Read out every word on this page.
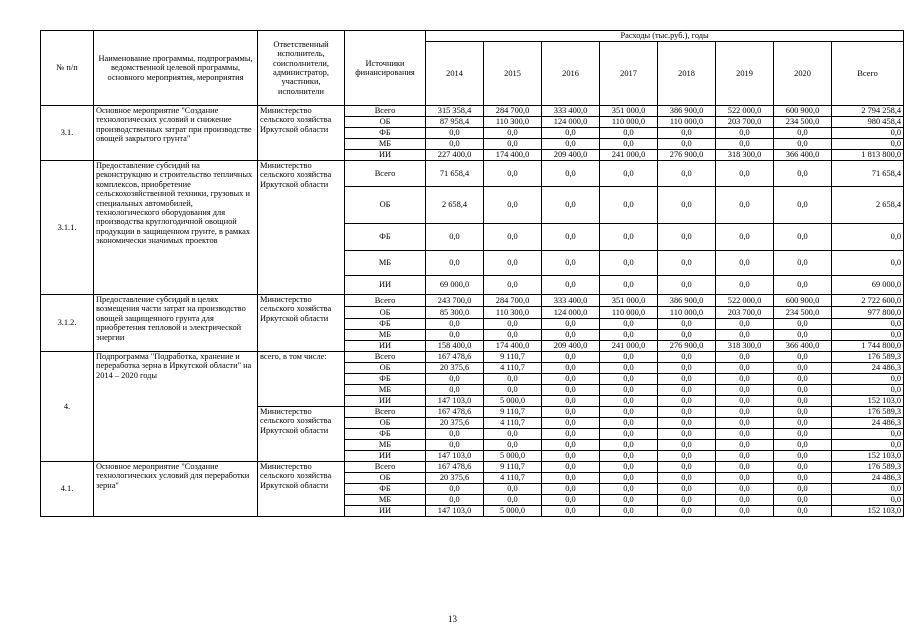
№ п/п	Наименование программы, подпрограммы, ведомственной целевой программы, основного мероприятия, мероприятия	Ответственный исполнитель, соисполнители, администратор, участники, исполнители	Источники финансирования	Расходы (тыс.руб.), годы							
				2014	2015	2016	2017	2018	2019	2020	Всего
3.1.	Основное мероприятие "Создание технологических условий и снижение производственных затрат при производстве овощей закрытого грунта"	Министерство сельского хозяйства Иркутской области	Всего	315 358,4	284 700,0	333 400,0	351 000,0	386 900,0	522 000,0	600 900,0	2 794 258,4
			ОБ	87 958,4	110 300,0	124 000,0	110 000,0	110 000,0	203 700,0	234 500,0	980 458,4
			ФБ	0,0	0,0	0,0	0,0	0,0	0,0	0,0	0,0
			МБ	0,0	0,0	0,0	0,0	0,0	0,0	0,0	0,0
			ИИ	227 400,0	174 400,0	209 400,0	241 000,0	276 900,0	318 300,0	366 400,0	1 813 800,0
3.1.1.	Предоставление субсидий на реконструкцию и строительство тепличных комплексов, приобретение сельскохозяйственной техники, грузовых и специальных автомобилей, технологического оборудования для производства круглогодичной овощной продукции в защищенном грунте, в рамках экономически значимых проектов	Министерство сельского хозяйства Иркутской области	Всего	71 658,4	0,0	0,0	0,0	0,0	0,0	0,0	71 658,4
			ОБ	2 658,4	0,0	0,0	0,0	0,0	0,0	0,0	2 658,4
			ФБ	0,0	0,0	0,0	0,0	0,0	0,0	0,0	0,0
			МБ	0,0	0,0	0,0	0,0	0,0	0,0	0,0	0,0
			ИИ	69 000,0	0,0	0,0	0,0	0,0	0,0	0,0	69 000,0
3.1.2.	Предоставление субсидий в целях возмещения части затрат на производство овощей защищенного грунта для приобретения тепловой и электрической энергии	Министерство сельского хозяйства Иркутской области	Всего	243 700,0	284 700,0	333 400,0	351 000,0	386 900,0	522 000,0	600 900,0	2 722 600,0
			ОБ	85 300,0	110 300,0	124 000,0	110 000,0	110 000,0	203 700,0	234 500,0	977 800,0
			ФБ	0,0	0,0	0,0	0,0	0,0	0,0	0,0	0,0
			МБ	0,0	0,0	0,0	0,0	0,0	0,0	0,0	0,0
			ИИ	158 400,0	174 400,0	209 400,0	241 000,0	276 900,0	318 300,0	366 400,0	1 744 800,0
4.	Подпрограмма "Подработка, хранение и переработка зерна в Иркутской области" на 2014 – 2020 годы	всего, в том числе:	Всего	167 478,6	9 110,7	0,0	0,0	0,0	0,0	0,0	176 589,3
			ОБ	20 375,6	4 110,7	0,0	0,0	0,0	0,0	0,0	24 486,3
			ФБ	0,0	0,0	0,0	0,0	0,0	0,0	0,0	0,0
			МБ	0,0	0,0	0,0	0,0	0,0	0,0	0,0	0,0
			ИИ	147 103,0	5 000,0	0,0	0,0	0,0	0,0	0,0	152 103,0
		Министерство сельского хозяйства Иркутской области	Всего	167 478,6	9 110,7	0,0	0,0	0,0	0,0	0,0	176 589,3
			ОБ	20 375,6	4 110,7	0,0	0,0	0,0	0,0	0,0	24 486,3
			ФБ	0,0	0,0	0,0	0,0	0,0	0,0	0,0	0,0
			МБ	0,0	0,0	0,0	0,0	0,0	0,0	0,0	0,0
			ИИ	147 103,0	5 000,0	0,0	0,0	0,0	0,0	0,0	152 103,0
4.1.	Основное мероприятие "Создание технологических условий для переработки зерна"	Министерство сельского хозяйства Иркутской области	Всего	167 478,6	9 110,7	0,0	0,0	0,0	0,0	0,0	176 589,3
			ОБ	20 375,6	4 110,7	0,0	0,0	0,0	0,0	0,0	24 486,3
			ФБ	0,0	0,0	0,0	0,0	0,0	0,0	0,0	0,0
			МБ	0,0	0,0	0,0	0,0	0,0	0,0	0,0	0,0
			ИИ	147 103,0	5 000,0	0,0	0,0	0,0	0,0	0,0	152 103,0
13
